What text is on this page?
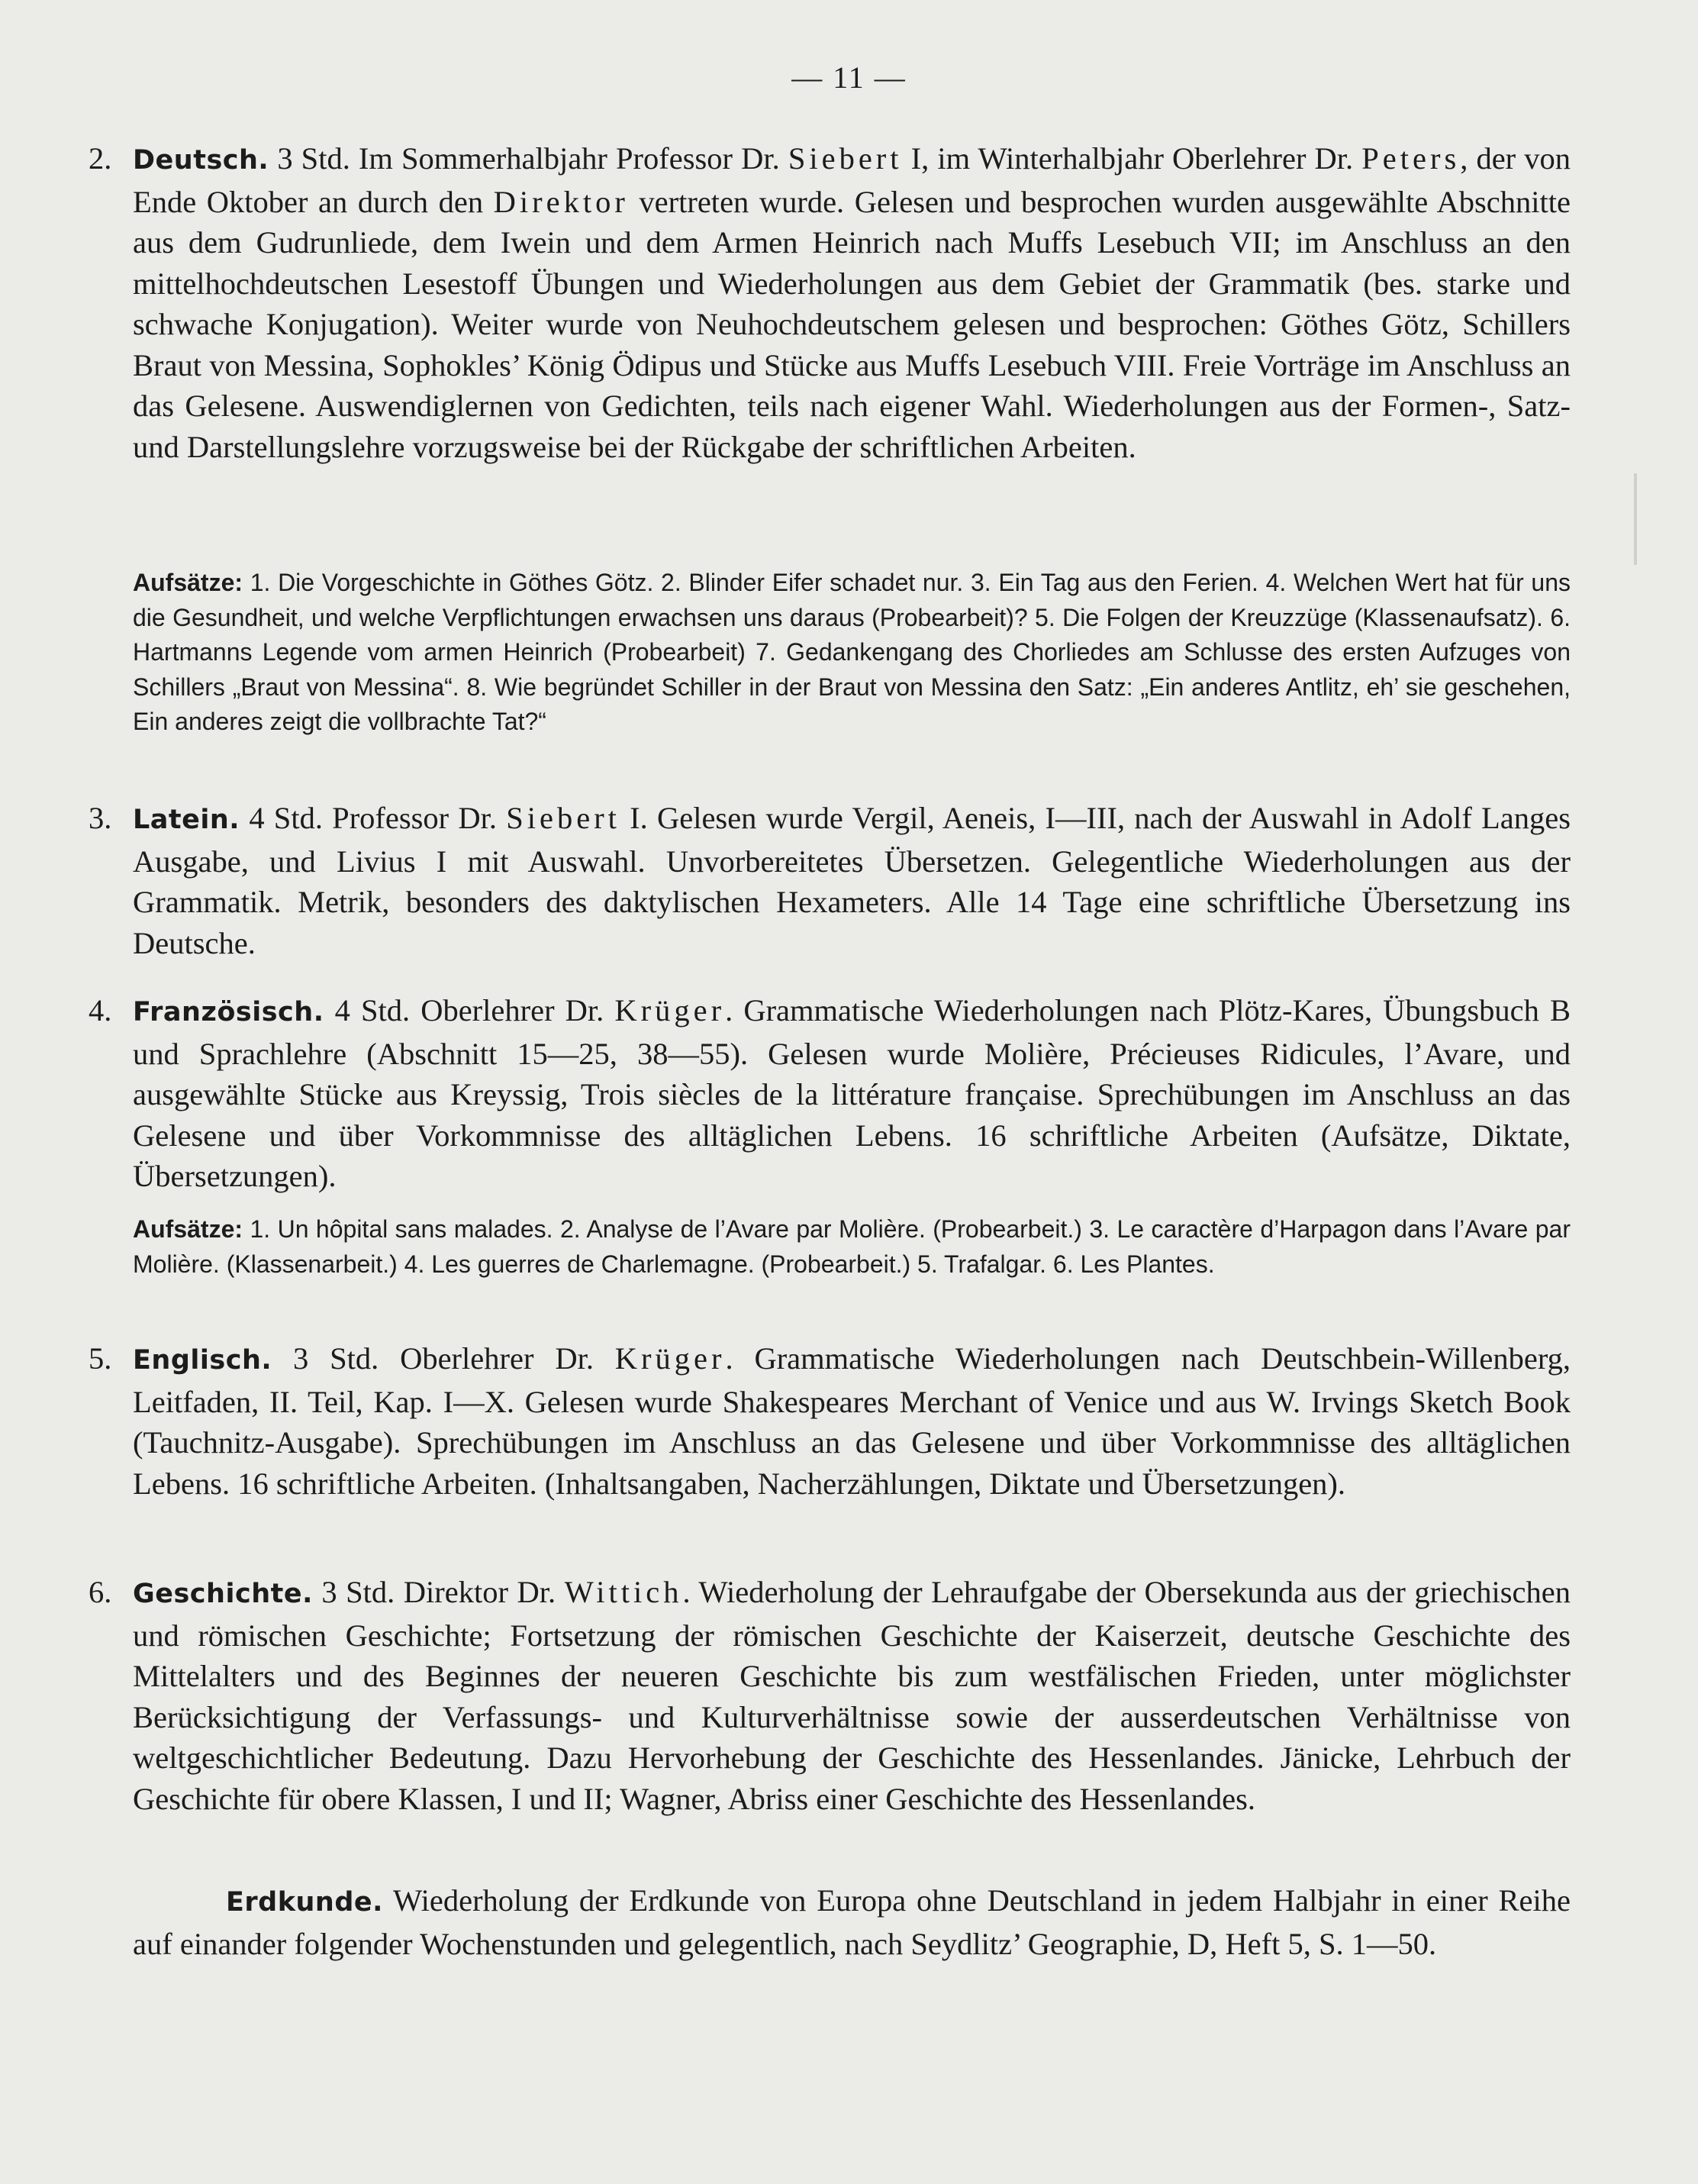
— 11 —
2. Deutsch. 3 Std. Im Sommerhalbjahr Professor Dr. Siebert I, im Winterhalbjahr Oberlehrer Dr. Peters, der von Ende Oktober an durch den Direktor vertreten wurde. Gelesen und besprochen wurden ausgewählte Abschnitte aus dem Gudrunliede, dem Iwein und dem Armen Heinrich nach Muffs Lesebuch VII; im Anschluss an den mittelhochdeutschen Lesestoff Übungen und Wiederholungen aus dem Gebiet der Grammatik (bes. starke und schwache Konjugation). Weiter wurde von Neuhochdeutschem gelesen und besprochen: Göthes Götz, Schillers Braut von Messina, Sophokles’ König Ödipus und Stücke aus Muffs Lesebuch VIII. Freie Vorträge im Anschluss an das Gelesene. Auswendiglernen von Gedichten, teils nach eigener Wahl. Wiederholungen aus der Formen-, Satz- und Darstellungslehre vorzugsweise bei der Rückgabe der schriftlichen Arbeiten.
Aufsätze: 1. Die Vorgeschichte in Göthes Götz. 2. Blinder Eifer schadet nur. 3. Ein Tag aus den Ferien. 4. Welchen Wert hat für uns die Gesundheit, und welche Verpflichtungen erwachsen uns daraus (Probearbeit)? 5. Die Folgen der Kreuzzüge (Klassenaufsatz). 6. Hartmanns Legende vom armen Heinrich (Probearbeit) 7. Gedankengang des Chorliedes am Schlusse des ersten Aufzuges von Schillers „Braut von Messina“. 8. Wie begründet Schiller in der Braut von Messina den Satz: „Ein anderes Antlitz, eh’ sie geschehen, Ein anderes zeigt die vollbrachte Tat?“
3. Latein. 4 Std. Professor Dr. Siebert I. Gelesen wurde Vergil, Aeneis, I—III, nach der Auswahl in Adolf Langes Ausgabe, und Livius I mit Auswahl. Unvorbereitetes Übersetzen. Gelegentliche Wiederholungen aus der Grammatik. Metrik, besonders des daktylischen Hexameters. Alle 14 Tage eine schriftliche Übersetzung ins Deutsche.
4. Französisch. 4 Std. Oberlehrer Dr. Krüger. Grammatische Wiederholungen nach Plötz-Kares, Übungsbuch B und Sprachlehre (Abschnitt 15—25, 38—55). Gelesen wurde Molière, Précieuses Ridicules, l’Avare, und ausgewählte Stücke aus Kreyssig, Trois siècles de la littérature française. Sprechübungen im Anschluss an das Gelesene und über Vorkommnisse des alltäglichen Lebens. 16 schriftliche Arbeiten (Aufsätze, Diktate, Übersetzungen).
Aufsätze: 1. Un hôpital sans malades. 2. Analyse de l’Avare par Molière. (Probearbeit.) 3. Le caractère d’Harpagon dans l’Avare par Molière. (Klassenarbeit.) 4. Les guerres de Charlemagne. (Probearbeit.) 5. Trafalgar. 6. Les Plantes.
5. Englisch. 3 Std. Oberlehrer Dr. Krüger. Grammatische Wiederholungen nach Deutschbein-Willenberg, Leitfaden, II. Teil, Kap. I—X. Gelesen wurde Shakespeares Merchant of Venice und aus W. Irvings Sketch Book (Tauchnitz-Ausgabe). Sprechübungen im Anschluss an das Gelesene und über Vorkommnisse des alltäglichen Lebens. 16 schriftliche Arbeiten. (Inhaltsangaben, Nacherzählungen, Diktate und Übersetzungen).
6. Geschichte. 3 Std. Direktor Dr. Wittich. Wiederholung der Lehraufgabe der Obersekunda aus der griechischen und römischen Geschichte; Fortsetzung der römischen Geschichte der Kaiserzeit, deutsche Geschichte des Mittelalters und des Beginnes der neueren Geschichte bis zum westfälischen Frieden, unter möglichster Berücksichtigung der Verfassungs- und Kulturverhältnisse sowie der ausserdeutschen Verhältnisse von weltgeschichtlicher Bedeutung. Dazu Hervorhebung der Geschichte des Hessenlandes. Jänicke, Lehrbuch der Geschichte für obere Klassen, I und II; Wagner, Abriss einer Geschichte des Hessenlandes.
Erdkunde. Wiederholung der Erdkunde von Europa ohne Deutschland in jedem Halbjahr in einer Reihe auf einander folgender Wochenstunden und gelegentlich, nach Seydlitz’ Geographie, D, Heft 5, S. 1—50.
